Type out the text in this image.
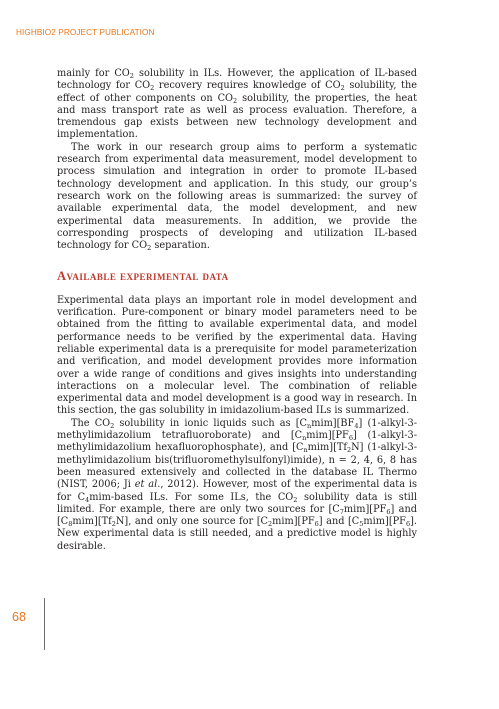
HIGHBIO2 PROJECT PUBLICATION

mainly for $CO_2$ solubility in ILs. However, the application of IL-based technology for $CO_2$ recovery requires knowledge of $CO_2$ solubility, the effect of other components on $CO_2$ solubility, the properties, the heat and mass transport rate as well as process evaluation. Therefore, a tremendous gap exists between new technology development and implementation.

The work in our research group aims to perform a systematic research from experimental data measurement, model development to process simulation and integration in order to promote IL-based technology development and application. In this study, our group’s research work on the following areas is summarized: the survey of available experimental data, the model development, and new experimental data measurements. In addition, we provide the corresponding prospects of developing and utilization IL-based technology for $CO_2$ separation.

Available experimental data

Experimental data plays an important role in model development and verification. Pure-component or binary model parameters need to be obtained from the fitting to available experimental data, and model performance needs to be verified by the experimental data. Having reliable experimental data is a prerequisite for model parameterization and verification, and model development provides more information over a wide range of conditions and gives insights into understanding interactions on a molecular level. The combination of reliable experimental data and model development is a good way in research. In this section, the gas solubility in imidazolium-based ILs is summarized.

The $CO_2$ solubility in ionic liquids such as $[C_nmim][BF_4]$ (1-alkyl-3-methylimidazolium tetrafluoroborate) and $[C_nmim][PF_6]$ (1-alkyl-3-methylimidazolium hexafluorophosphate), and $[C_nmim][Tf_2N]$ (1-alkyl-3-methylimidazolium bis(trifluoromethylsulfonyl)imide), n = 2, 4, 6, 8 has been measured extensively and collected in the database IL Thermo (NIST, 2006; Ji et al., 2012). However, most of the experimental data is for $C_4mim$-based ILs. For some ILs, the $CO_2$ solubility data is still limited. For example, there are only two sources for $[C_7mim][PF_6]$ and $[C_8mim][Tf_2N]$, and only one source for $[C_2mim][PF_6]$ and $[C_5mim][PF_6]$. New experimental data is still needed, and a predictive model is highly desirable.

68
